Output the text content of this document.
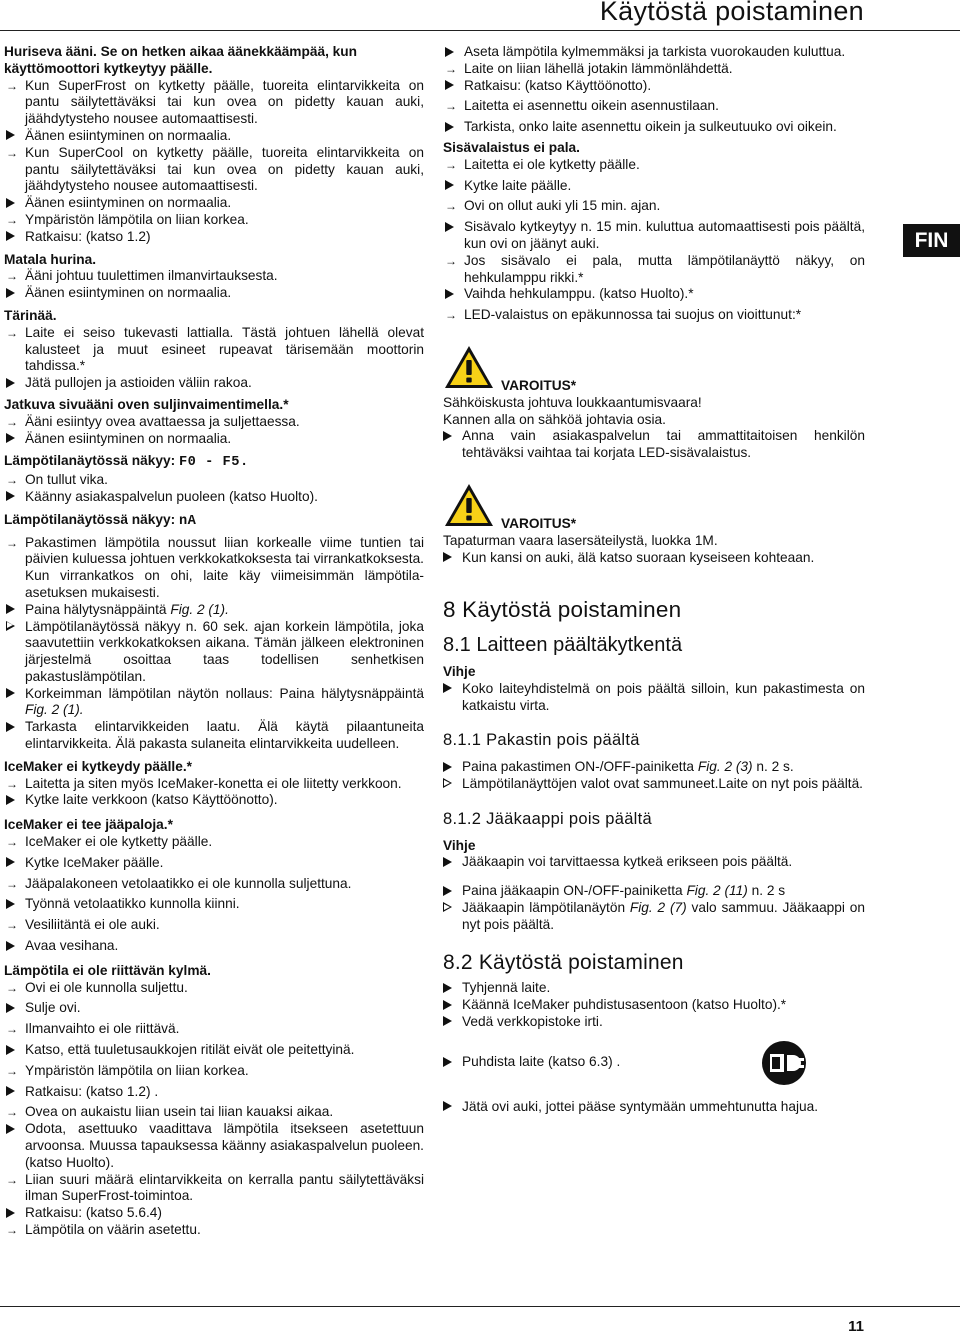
Käytöstä poistaminen
FIN
Huriseva ääni. Se on hetken aikaa äänekkäämpää, kun käyttömoottori kytkeytyy päälle.
→ Kun SuperFrost on kytketty päälle, tuoreita elintarvikkeita on pantu säilytettäväksi tai kun ovea on pidetty kauan auki, jäähdytysteho nousee automaattisesti.
Äänen esiintyminen on normaalia.
→ Kun SuperCool on kytketty päälle, tuoreita elintarvikkeita on pantu säilytettäväksi tai kun ovea on pidetty kauan auki, jäähdytysteho nousee automaattisesti.
Äänen esiintyminen on normaalia.
→ Ympäristön lämpötila on liian korkea.
Ratkaisu: (katso 1.2)
Matala hurina.
→ Ääni johtuu tuulettimen ilmanvirtauksesta.
Äänen esiintyminen on normaalia.
Tärinää.
→ Laite ei seiso tukevasti lattialla. Tästä johtuen lähellä olevat kalusteet ja muut esineet rupeavat tärisemään moottorin tahdissa.*
Jätä pullojen ja astioiden väliin rakoa.
Jatkuva sivuääni oven suljinvaimentimella.*
→ Ääni esiintyy ovea avattaessa ja suljettaessa.
Äänen esiintyminen on normaalia.
Lämpötilanäytössä näkyy: F0 - F5.
→ On tullut vika.
Käänny asiakaspalvelun puoleen (katso Huolto).
Lämpötilanäytössä näkyy: nA
→ Pakastimen lämpötila noussut liian korkealle viime tuntien tai päivien kuluessa johtuen verkkokatkoksesta tai virrankatkoksesta. Kun virrankatkos on ohi, laite käy viimeisimmän lämpötila-asetuksen mukaisesti.
Paina hälytysnäppäintä Fig. 2 (1).
Lämpötilanäytössä näkyy n. 60 sek. ajan korkein lämpötila, joka saavutettiin verkkokatkoksen aikana. Tämän jälkeen elektroninen järjestelmä osoittaa taas todellisen senhetkisen pakastuslämpötilan.
Korkeimman lämpötilan näytön nollaus: Paina hälytysnäppäintä Fig. 2 (1).
Tarkasta elintarvikkeiden laatu. Älä käytä pilaantuneita elintarvikkeita. Älä pakasta sulaneita elintarvikkeita uudelleen.
IceMaker ei kytkeydy päälle.*
→ Laitetta ja siten myös IceMaker-konetta ei ole liitetty verkkoon.
Kytke laite verkkoon (katso Käyttöönotto).
IceMaker ei tee jääpaloja.*
→ IceMaker ei ole kytketty päälle.
Kytke IceMaker päälle.
→ Jääpalakoneen vetolaatikko ei ole kunnolla suljettuna.
Työnnä vetolaatikko kunnolla kiinni.
→ Vesiliitäntä ei ole auki.
Avaa vesihana.
Lämpötila ei ole riittävän kylmä.
→ Ovi ei ole kunnolla suljettu.
Sulje ovi.
→ Ilmanvaihto ei ole riittävä.
Katso, että tuuletusaukkojen ritilät eivät ole peitettyinä.
→ Ympäristön lämpötila on liian korkea.
Ratkaisu: (katso 1.2) .
→ Ovea on aukaistu liian usein tai liian kauaksi aikaa.
Odota, asettuuko vaadittava lämpötila itsekseen asetettuun arvoonsa. Muussa tapauksessa käänny asiakaspalvelun puoleen. (katso Huolto).
→ Liian suuri määrä elintarvikkeita on kerralla pantu säilytettäväksi ilman SuperFrost-toimintoa.
Ratkaisu: (katso 5.6.4)
→ Lämpötila on väärin asetettu.
Aseta lämpötila kylmemmäksi ja tarkista vuorokauden kuluttua.
→ Laite on liian lähellä jotakin lämmönlähdettä.
Ratkaisu: (katso Käyttöönotto).
→ Laitetta ei asennettu oikein asennustilaan.
Tarkista, onko laite asennettu oikein ja sulkeutuuko ovi oikein.
Sisävalaistus ei pala.
→ Laitetta ei ole kytketty päälle.
Kytke laite päälle.
→ Ovi on ollut auki yli 15 min. ajan.
Sisävalo kytkeytyy n. 15 min. kuluttua automaattisesti pois päältä, kun ovi on jäänyt auki.
→ Jos sisävalo ei pala, mutta lämpötilanäyttö näkyy, on hehkulamppu rikki.*
Vaihda hehkulamppu. (katso Huolto).*
→ LED-valaistus on epäkunnossa tai suojus on vioittunut:*
VAROITUS*
Sähköiskusta johtuva loukkaantumisvaara!
Kannen alla on sähköä johtavia osia.
Anna vain asiakaspalvelun tai ammattitaitoisen henkilön tehtäväksi vaihtaa tai korjata LED-sisävalaistus.
VAROITUS*
Tapaturman vaara lasersäteilystä, luokka 1M.
Kun kansi on auki, älä katso suoraan kyseiseen kohteaan.
8 Käytöstä poistaminen
8.1 Laitteen päältäkytkentä
Vihje
Koko laiteyhdistelmä on pois päältä silloin, kun pakastimesta on katkaistu virta.
8.1.1 Pakastin pois päältä
Paina pakastimen ON-/OFF-painiketta Fig. 2 (3) n. 2 s.
Lämpötilanäyttöjen valot ovat sammuneet.Laite on nyt pois päältä.
8.1.2 Jääkaappi pois päältä
Vihje
Jääkaapin voi tarvittaessa kytkeä erikseen pois päältä.
Paina jääkaapin ON-/OFF-painiketta Fig. 2 (11) n. 2 s
Jääkaapin lämpötilanäytön Fig. 2 (7) valo sammuu. Jääkaappi on nyt pois päältä.
8.2 Käytöstä poistaminen
Tyhjennä laite.
Käännä IceMaker puhdistusasentoon (katso Huolto).*
Vedä verkkopistoke irti.
Puhdista laite (katso 6.3) .
Jätä ovi auki, jottei pääse syntymään ummehtunutta hajua.
11
